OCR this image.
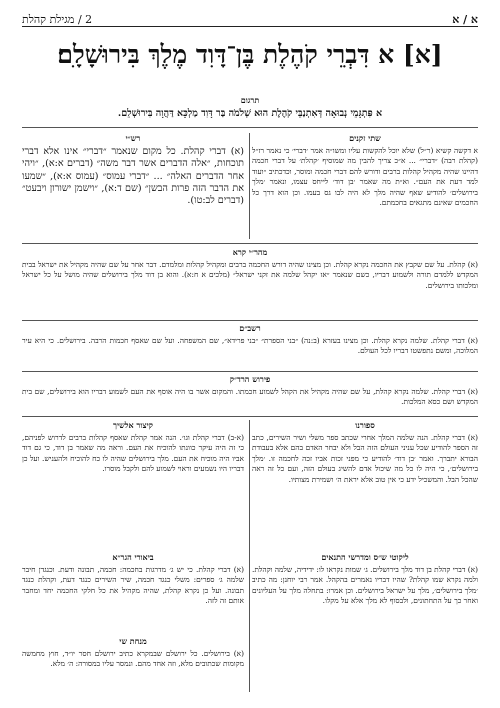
א / א
2 / מגילת קהלת
[א] א דִּבְרֵי קֹהֶלֶת בֶּן־דָּוִד מֶלֶךְ בִּירוּשָׁלָ‍ִם׃
תרגום
א פִּתְגָּמֵי נְבוּאָה דְּאִתְנַבֵּי קֹהֶלֶת הוּא שְׁלֹמֹה בַּר דָּוִד מַלְכָּא דַּהֲוָה בִּירוּשְׁלֵם.
שתי זקנים

א דקשה קשיא (ר״ל) שלא יוכל להקשות עליו ומשו״ה אמר ׳דברי׳ כי נאמר רז״ל (קהלת רבה) ״דברי״ ... א״כ צריך להבין מה שמוסיף ׳קהלת׳ על דברי חכמה דהיינו שהיה מקהיל קהלות ברבים ודורש להם דברי חכמה ומוסר, וכדכתיב ״ועוד למד דעת את העם״. וא״ת מה שאמר ׳בן דוד׳ לייחס עצמו, ונאמר ׳מלך בירושלים׳ להודיע שאף שהיה מלך לא היה לבו גס בעמו. וכן הוא דרך כל החכמים שאינם מתגאים בחכמתם.

רש״י

(א) דברי קהלת. כל מקום שנאמר ״דברי״ אינו אלא דברי תוכחות, ״אלה הדברים אשר דבר משה״ (דברים א:א), ״ויהי אחר הדברים האלה״ ... ״דברי עמוס״ (עמוס א:א), ״שמעו את הדבר הזה פרות הבשן״ (שם ד:א), ״וישמן ישורון ויבעט״ (דברים לב:טו).

מהר״י קרא

(א) קהלת. על שם שקבץ את החכמה נקרא קהלת. וכן מצינו שהיה דורש החכמה ברבים ומקהיל קהלות ומלמדם. דבר אחר על שם שהיה מקהיל את ישראל בבית המקדש ללמדם תורה ולשמוע דבריו, כשם שנאמר ״אז יקהל שלמה את זקני ישראל״ (מלכים א ח:א). והוא בן דוד מלך בירושלים שהיה מושל על כל ישראל ומלכותו בירושלים.

רשב״ם

(א) דברי קהלת. שלמה נקרא קהלת. וכן מצינו בעזרא (ב:נה) ״בני הספרת״ ״בני פרידא״, שם המשפחה. ועל שם שאסף חכמות הרבה. בירושלים. כי היא עיר המלוכה, ומשם נתפשטו דבריו לכל העולם.

פירוש הרד״ק

(א) דברי קהלת. שלמה נקרא קהלת, על שם שהיה מקהיל את הקהל לשמוע חכמתו. והמקום אשר בו היה אוסף את העם לשמוע דבריו הוא בירושלים, שם בית המקדש ושם כסא המלכות.

ספורנו

(א) דברי קהלת. הנה שלמה המלך אחרי שכתב ספר משלי ושיר השירים, כתב זה הספר להודיע שכל עניני העולם הזה הבל ולא יבחר האדם בהם אלא בעבודת הבורא יתברך. ואמר ׳בן דוד׳ להודיע כי מפני זכות אביו זכה לחכמה זו. ׳מלך בירושלים׳, כי היה לו כל מה שיכול אדם להשיג בעולם הזה, ועם כל זה ראה שהכל הבל. והמשכיל ידע כי אין טוב אלא יראת ה׳ ושמירת מצותיו.

קיצור אלשיך

(א-ב) דברי קהלת וגו׳. הנה אמר קהלת שאסף קהלות ברבים לדרוש לפניהם, כי זה היה עיקר כוונתו להוכיח את העם. וראה מה שאמר בן דוד, כי גם דוד אביו היה מוכיח את העם. מלך בירושלים שהיה לו כח להוכיח ולהעניש. ועל כן דבריו היו נשמעים וראוי לשמוע להם ולקבל מוסרו.

ביאורי הגר״א

(א) דברי קהלת. כי יש ג׳ מדרגות בחכמה: חכמה, תבונה ודעת. וכנגדן חיבר שלמה ג׳ ספרים: משלי כנגד חכמה, שיר השירים כנגד דעת, וקהלת כנגד תבונה. ועל כן נקרא קהלת, שהיה מקהיל את כל חלקי החכמה יחד ומחבר אותם זה לזה.

מנחת שי

(א) בירושלים. כל ירושלם שבמקרא כתיב ירושלם חסר יו״ד, חוץ מחמשה מקומות שכתובים מלא, וזה אחד מהם. ונמסר עליו במסורה: ה׳ מלא.

ליקוטי ש״ס ומדרשי התנאים

(א) דברי קהלת בן דוד מלך בירושלים. ג׳ שמות נקראו לו: ידידיה, שלמה וקהלת. ולמה נקרא שמו קהלת? שהיו דבריו נאמרים בהקהל. אמר רבי יוחנן: מה כתיב ׳מלך בירושלים׳, מלך על ישראל בירושלים. וכן אמרו: בתחלה מלך על העליונים ואחר כך על התחתונים, ולבסוף לא מלך אלא על מקלו.
